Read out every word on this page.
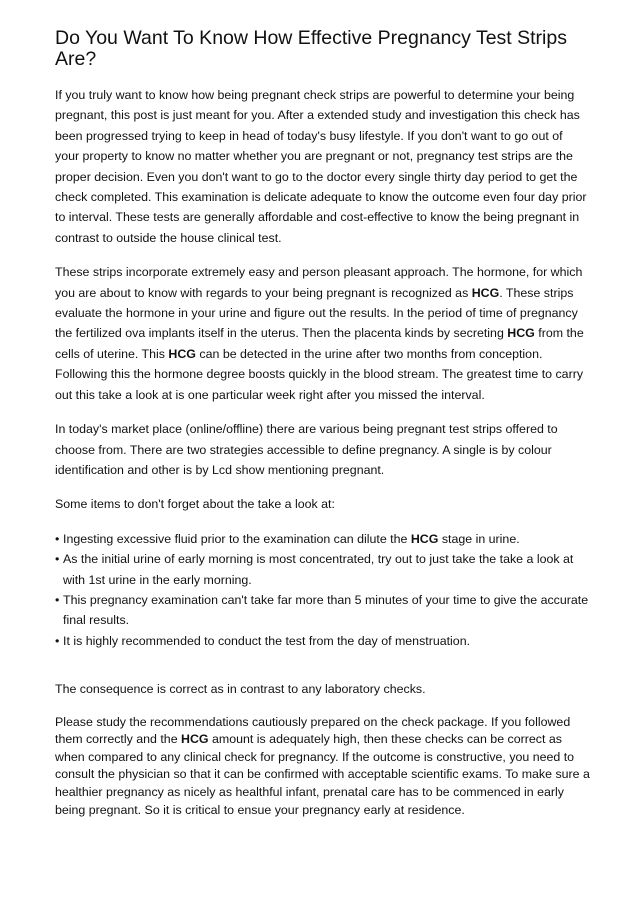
Do You Want To Know How Effective Pregnancy Test Strips Are?

If you truly want to know how being pregnant check strips are powerful to determine your being pregnant, this post is just meant for you. After a extended study and investigation this check has been progressed trying to keep in head of today's busy lifestyle. If you don't want to go out of your property to know no matter whether you are pregnant or not, pregnancy test strips are the proper decision. Even you don't want to go to the doctor every single thirty day period to get the check completed. This examination is delicate adequate to know the outcome even four day prior to interval. These tests are generally affordable and cost-effective to know the being pregnant in contrast to outside the house clinical test.

These strips incorporate extremely easy and person pleasant approach. The hormone, for which you are about to know with regards to your being pregnant is recognized as HCG. These strips evaluate the hormone in your urine and figure out the results. In the period of time of pregnancy the fertilized ova implants itself in the uterus. Then the placenta kinds by secreting HCG from the cells of uterine. This HCG can be detected in the urine after two months from conception. Following this the hormone degree boosts quickly in the blood stream. The greatest time to carry out this take a look at is one particular week right after you missed the interval.

In today's market place (online/offline) there are various being pregnant test strips offered to choose from. There are two strategies accessible to define pregnancy. A single is by colour identification and other is by Lcd show mentioning pregnant.

Some items to don't forget about the take a look at:

• Ingesting excessive fluid prior to the examination can dilute the HCG stage in urine.
• As the initial urine of early morning is most concentrated, try out to just take the take a look at with 1st urine in the early morning.
• This pregnancy examination can't take far more than 5 minutes of your time to give the accurate final results.
• It is highly recommended to conduct the test from the day of menstruation.

The consequence is correct as in contrast to any laboratory checks.

Please study the recommendations cautiously prepared on the check package. If you followed them correctly and the HCG amount is adequately high, then these checks can be correct as when compared to any clinical check for pregnancy. If the outcome is constructive, you need to consult the physician so that it can be confirmed with acceptable scientific exams. To make sure a healthier pregnancy as nicely as healthful infant, prenatal care has to be commenced in early being pregnant. So it is critical to ensue your pregnancy early at residence.
